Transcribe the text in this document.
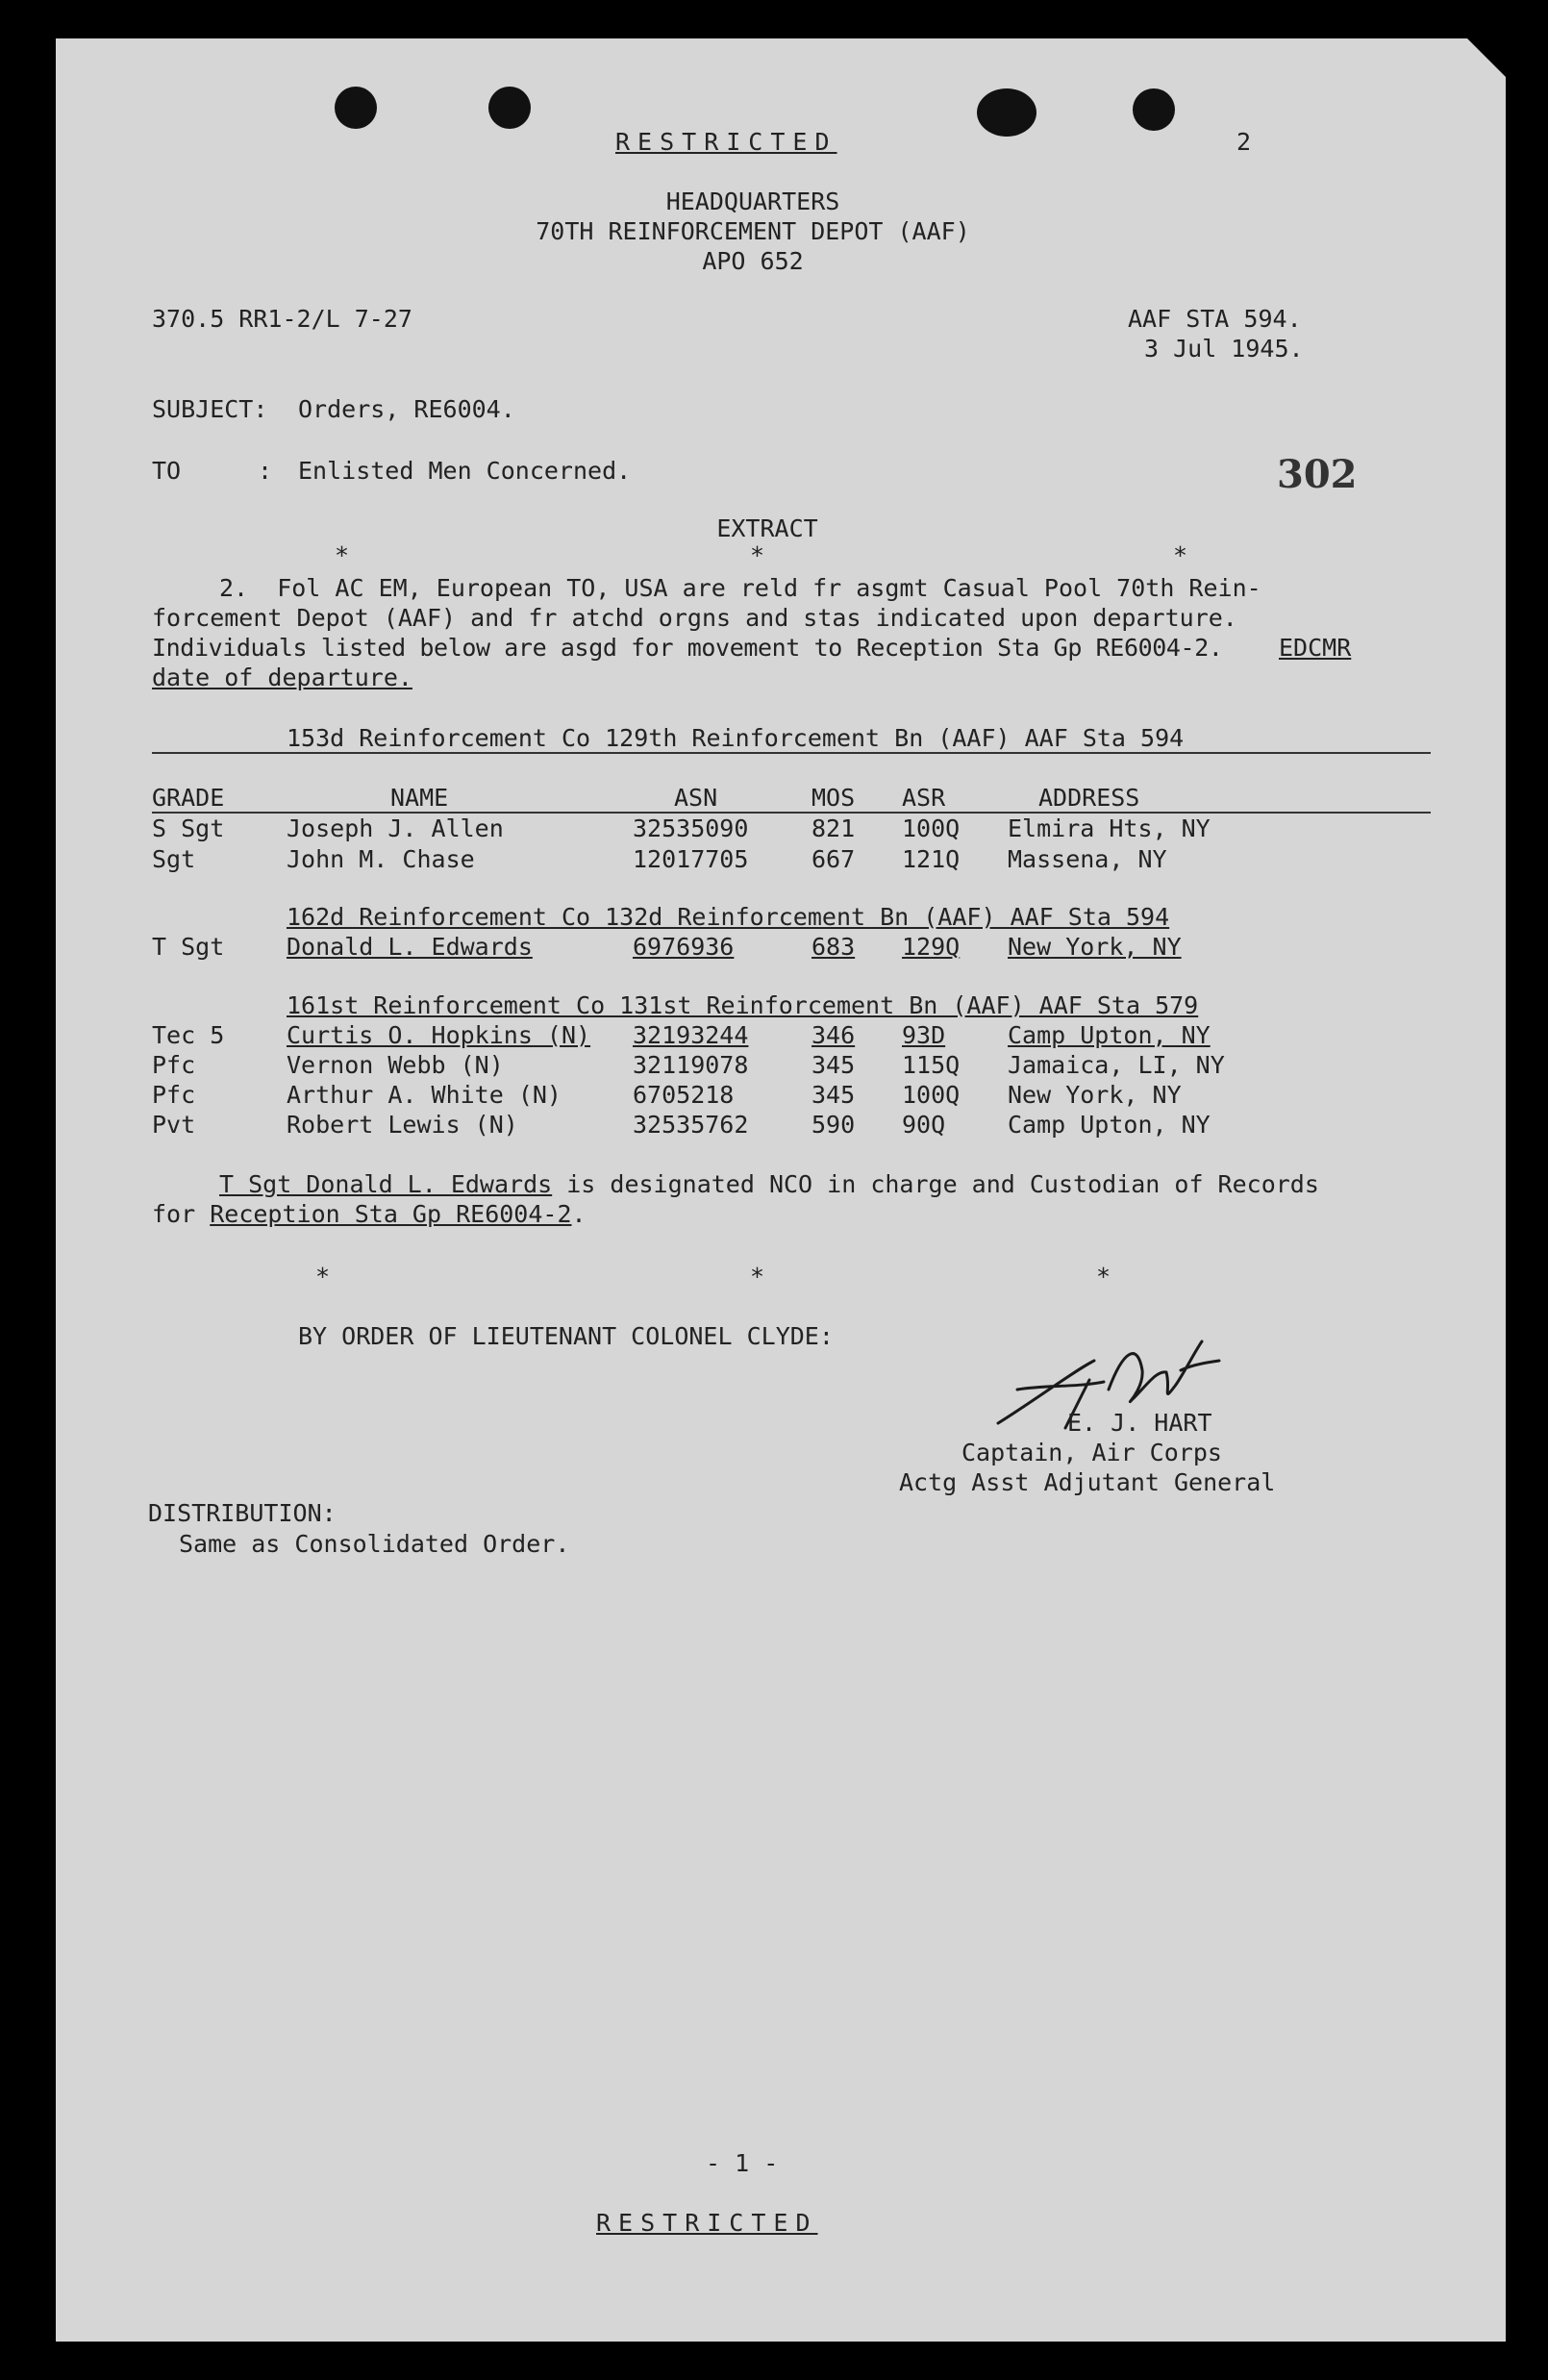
RESTRICTED	2
HEADQUARTERS
70TH REINFORCEMENT DEPOT (AAF)
APO 652
370.5 RR1-2/L 7-27	AAF STA 594.
3 Jul 1945.
SUBJECT: Orders, RE6004.
TO	: Enlisted Men Concerned.	302
EXTRACT
*	*	*
2.  Fol AC EM, European TO, USA are reld fr asgmt Casual Pool 70th Rein-
forcement Depot (AAF) and fr atchd orgns and stas indicated upon departure.
Individuals listed below are asgd for movement to Reception Sta Gp RE6004-2. EDCMR
date of departure.
153d Reinforcement Co 129th Reinforcement Bn (AAF) AAF Sta 594
GRADE	NAME	ASN	MOS ASR	ADDRESS
S Sgt	Joseph J. Allen	32535090	821 100Q Elmira Hts, NY
Sgt	John M. Chase	12017705	667 121Q Massena, NY
162d Reinforcement Co 132d Reinforcement Bn (AAF) AAF Sta 594
T Sgt	Donald L. Edwards	6976936	683 129Q New York, NY
161st Reinforcement Co 131st Reinforcement Bn (AAF) AAF Sta 579
Tec 5	Curtis O. Hopkins (N) 32193244	346 93D	Camp Upton, NY
Pfc	Vernon Webb (N)	32119078	345 115Q Jamaica, LI, NY
Pfc	Arthur A. White (N)	6705218	345 100Q New York, NY
Pvt	Robert Lewis (N)	32535762	590 90Q	Camp Upton, NY
T Sgt Donald L. Edwards is designated NCO in charge and Custodian of Records
for Reception Sta Gp RE6004-2.
*	*	*
BY ORDER OF LIEUTENANT COLONEL CLYDE:
E. J. HART
Captain, Air Corps
Actg Asst Adjutant General
DISTRIBUTION:
Same as Consolidated Order.
- 1 -
RESTRICTED
